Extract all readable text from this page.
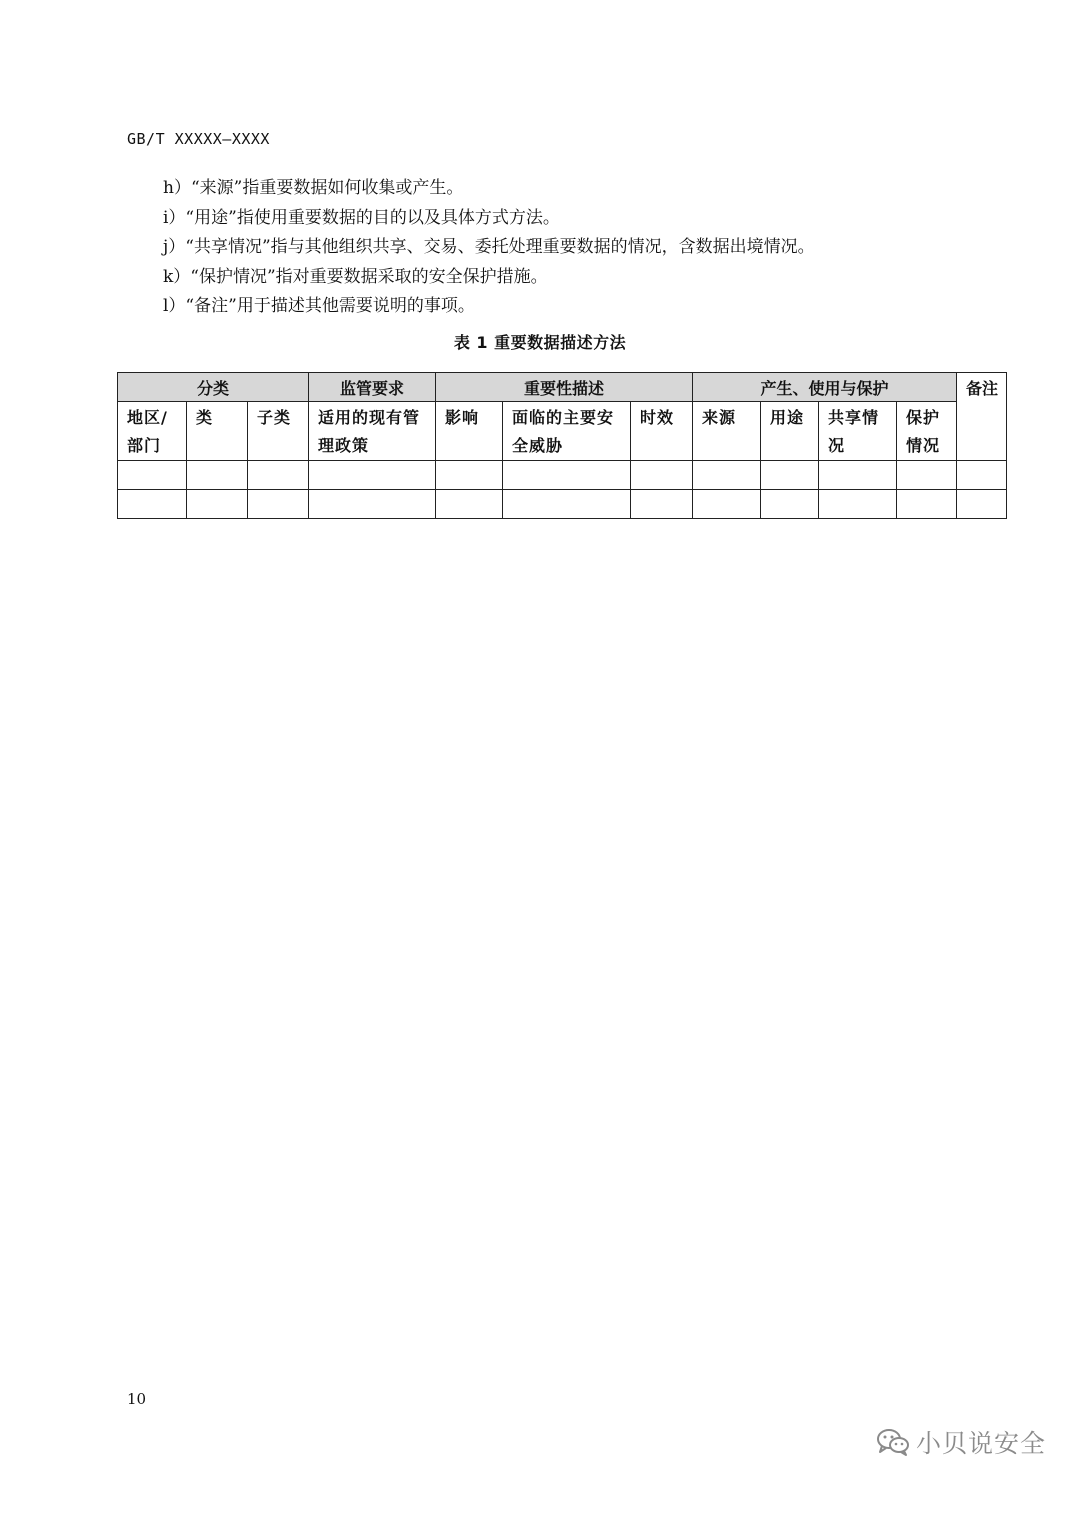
GB/T XXXXX—XXXX
h）“来源”指重要数据如何收集或产生。
i）“用途”指使用重要数据的目的以及具体方式方法。
j）“共享情况”指与其他组织共享、交易、委托处理重要数据的情况，含数据出境情况。
k）“保护情况”指对重要数据采取的安全保护措施。
l）“备注”用于描述其他需要说明的事项。
表 1 重要数据描述方法
分类			监管要求	重要性描述			产生、使用与保护				备注
地区/部门	类	子类	适用的现有管理政策	影响	面临的主要安全威胁	时效	来源	用途	共享情况	保护情况	

10
小贝说安全
